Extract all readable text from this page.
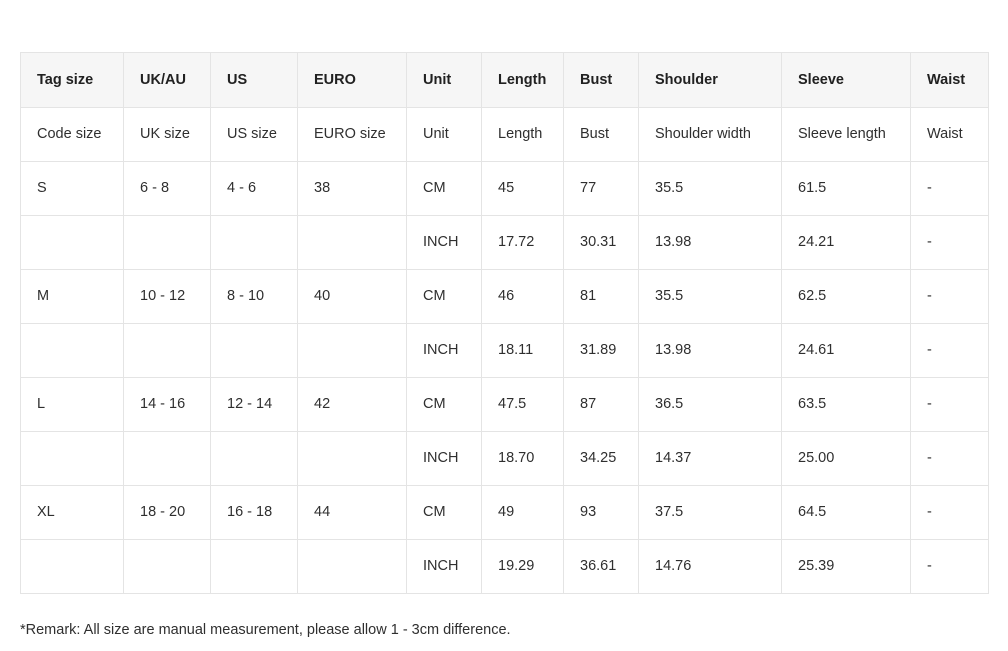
Tag size	UK/AU	US	EURO	Unit	Length	Bust	Shoulder	Sleeve	Waist
Code size	UK size	US size	EURO size	Unit	Length	Bust	Shoulder width	Sleeve length	Waist
S	6 - 8	4 - 6	38	CM	45	77	35.5	61.5	-
				INCH	17.72	30.31	13.98	24.21	-
M	10 - 12	8 - 10	40	CM	46	81	35.5	62.5	-
				INCH	18.11	31.89	13.98	24.61	-
L	14 - 16	12 - 14	42	CM	47.5	87	36.5	63.5	-
				INCH	18.70	34.25	14.37	25.00	-
XL	18 - 20	16 - 18	44	CM	49	93	37.5	64.5	-
				INCH	19.29	36.61	14.76	25.39	-
*Remark: All size are manual measurement, please allow 1 - 3cm difference.
